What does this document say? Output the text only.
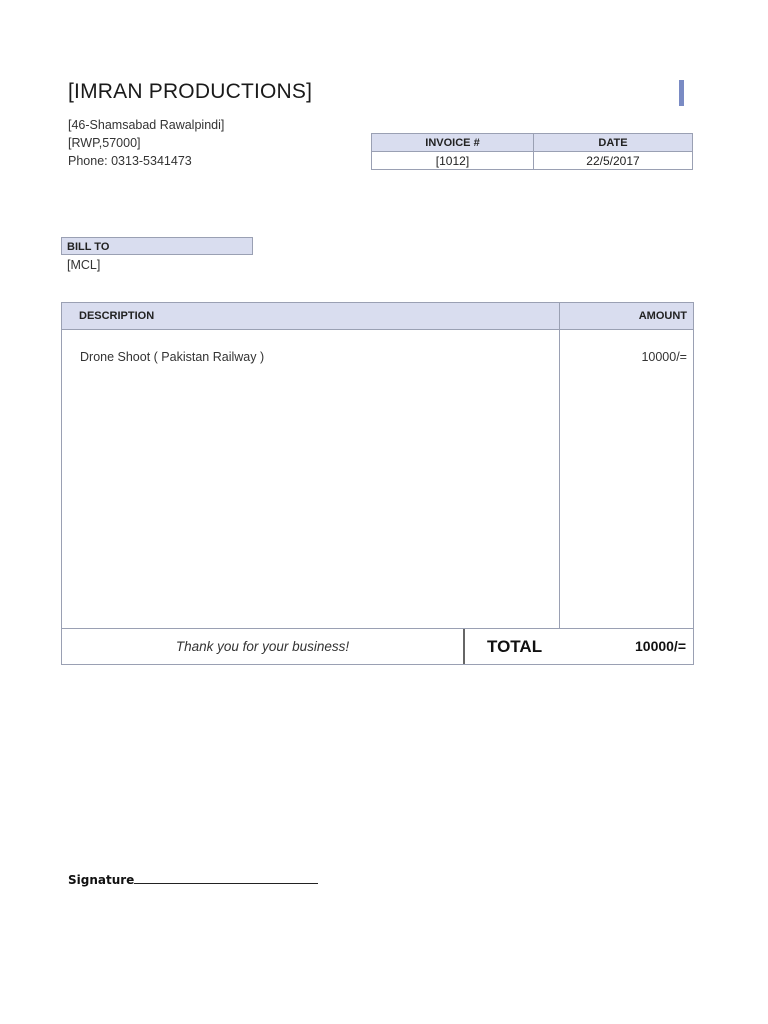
[IMRAN PRODUCTIONS]
[46-Shamsabad Rawalpindi]
[RWP,57000]
Phone: 0313-5341473
INVOICE #	DATE
[1012]	22/5/2017
BILL TO
[MCL]
DESCRIPTION	AMOUNT
Drone Shoot ( Pakistan Railway )	10000/=
Thank you for your business!	TOTAL	10000/=
Signature
